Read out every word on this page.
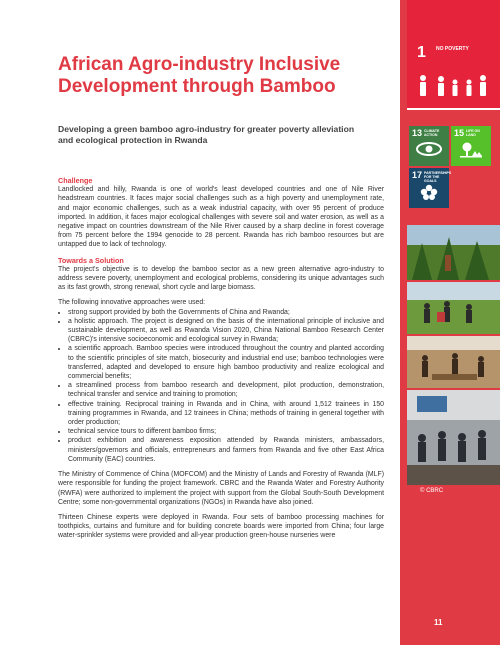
1 NO POVERTY
13 CLIMATE ACTION	15 LIFE ON LAND
17 PARTNERSHIPS FOR THE GOALS
© CBRC
11
African Agro-industry Inclusive
Development through Bamboo

Developing a green bamboo agro-industry for greater poverty alleviation and ecological protection in Rwanda

Challenge

Landlocked and hilly, Rwanda is one of world's least developed countries and one of Nile River headstream countries. It faces major social challenges such as a high poverty and unemployment rate, and major economic challenges, such as a weak industrial capacity, with over 95 percent of produce imported. In addition, it faces major ecological challenges with severe soil and water erosion, as well as a negative impact on countries downstream of the Nile River caused by a sharp decline in forest coverage from 75 percent before the 1994 genocide to 28 percent. Rwanda has rich bamboo resources but are untapped due to lack of technology.

Towards a Solution

The project's objective is to develop the bamboo sector as a new green alternative agro-industry to address severe poverty, unemployment and ecological problems, considering its unique advantages such as its fast growth, strong renewal, short cycle and large biomass.

The following innovative approaches were used:

• strong support provided by both the Governments of China and Rwanda;
• a holistic approach. The project is designed on the basis of the international principle of inclusive and sustainable development, as well as Rwanda Vision 2020, China National Bamboo Research Center (CBRC)'s intensive socioeconomic and ecological survey in Rwanda;
• a scientific approach. Bamboo species were introduced throughout the country and planted according to the scientific principles of site match, biosecurity and industrial end use; bamboo technologies were transferred, adapted and developed to ensure high bamboo productivity and realize ecological and commercial benefits;
• a streamlined process from bamboo research and development, pilot production, demonstration, technical transfer and service and training to promotion;
• effective training. Reciprocal training in Rwanda and in China, with around 1,512 trainees in 150 training programmes in Rwanda, and 12 trainees in China; methods of training in general together with order production;
• technical service tours to different bamboo firms;
• product exhibition and awareness exposition attended by Rwanda ministers, ambassadors, ministers/governors and officials, entrepreneurs and farmers from Rwanda and five other East Africa Community (EAC) countries.

The Ministry of Commence of China (MOFCOM) and the Ministry of Lands and Forestry of Rwanda (MLF) were responsible for funding the project framework. CBRC and the Rwanda Water and Forestry Authority (RWFA) were authorized to implement the project with support from the Global South-South Development Centre; some non-governmental organizations (NGOs) in Rwanda have also joined.

Thirteen Chinese experts were deployed in Rwanda. Four sets of bamboo processing machines for toothpicks, curtains and furniture and for building concrete boards were imported from China; four large water-sprinkler systems were provided and all-year production green-house nurseries were
